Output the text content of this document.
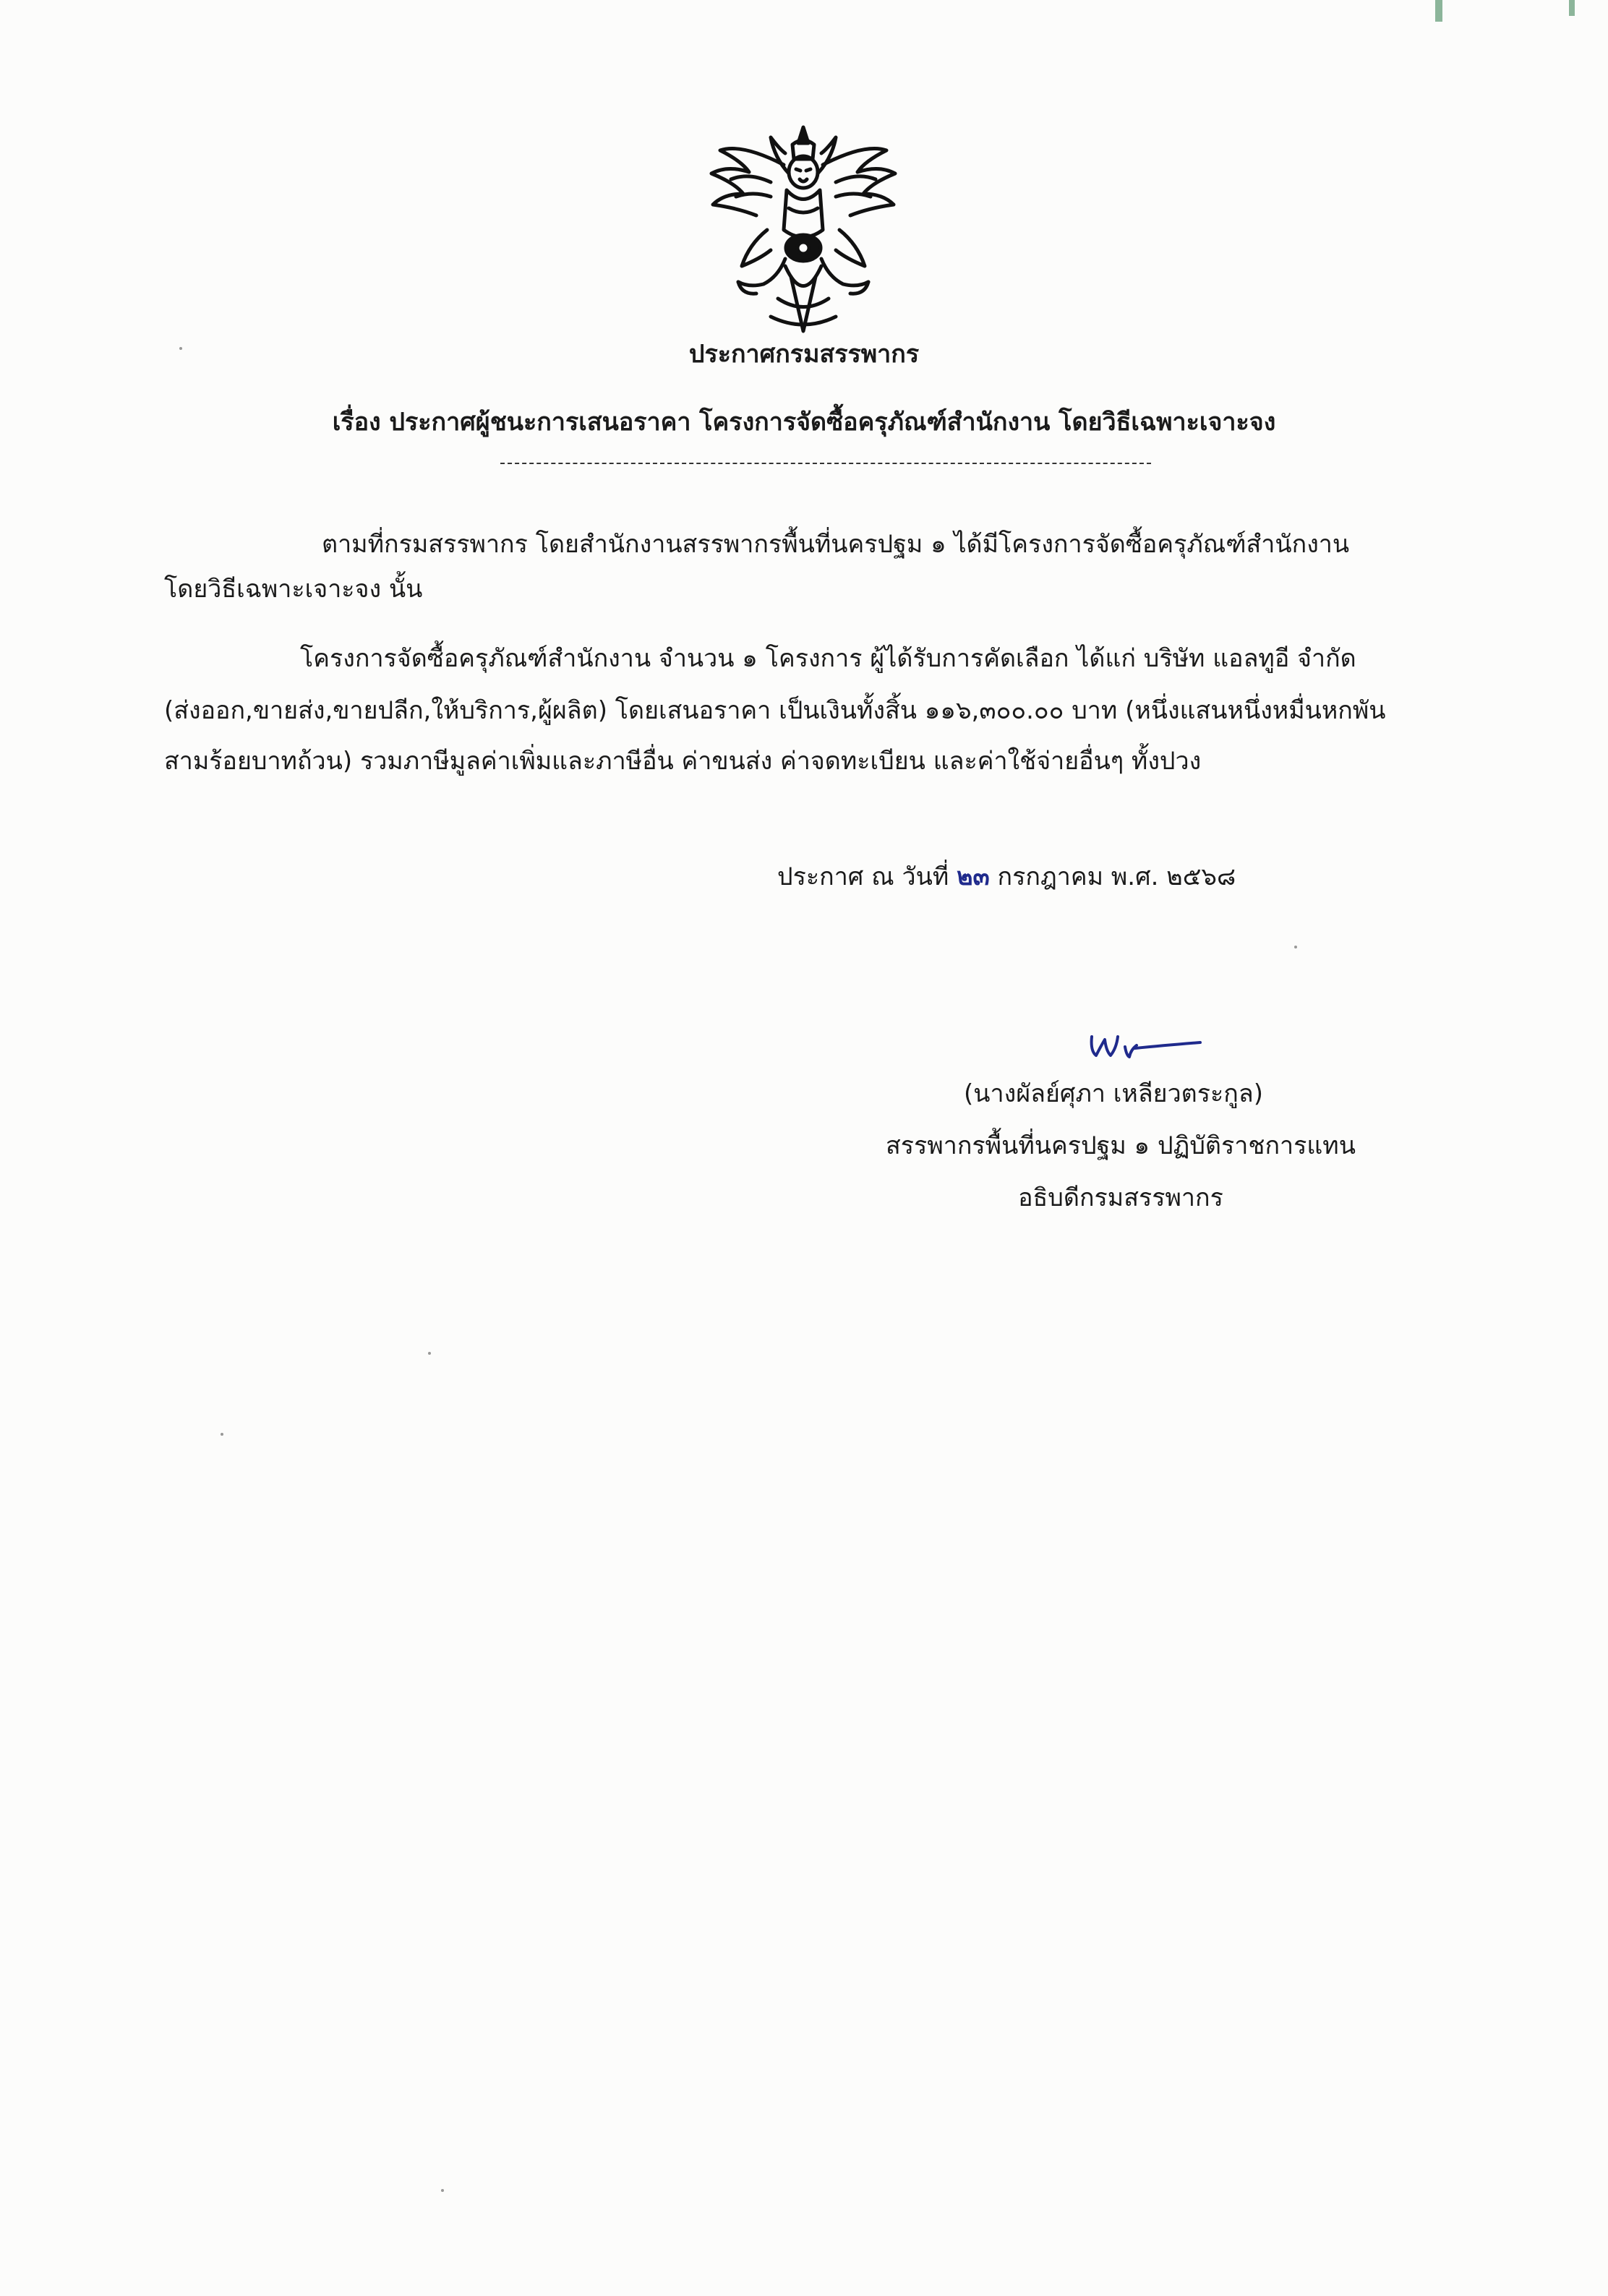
ประกาศกรมสรรพากร
เรื่อง ประกาศผู้ชนะการเสนอราคา โครงการจัดซื้อครุภัณฑ์สำนักงาน โดยวิธีเฉพาะเจาะจง
ตามที่กรมสรรพากร โดยสำนักงานสรรพากรพื้นที่นครปฐม ๑ ได้มีโครงการจัดซื้อครุภัณฑ์สำนักงาน
โดยวิธีเฉพาะเจาะจง นั้น
โครงการจัดซื้อครุภัณฑ์สำนักงาน จำนวน ๑ โครงการ ผู้ได้รับการคัดเลือก ได้แก่ บริษัท แอลทูอี จำกัด
(ส่งออก,ขายส่ง,ขายปลีก,ให้บริการ,ผู้ผลิต) โดยเสนอราคา เป็นเงินทั้งสิ้น ๑๑๖,๓๐๐.๐๐ บาท (หนึ่งแสนหนึ่งหมื่นหกพัน
สามร้อยบาทถ้วน) รวมภาษีมูลค่าเพิ่มและภาษีอื่น ค่าขนส่ง ค่าจดทะเบียน และค่าใช้จ่ายอื่นๆ ทั้งปวง
ประกาศ ณ วันที่ ๒๓ กรกฎาคม พ.ศ. ๒๕๖๘
(นางผัลย์ศุภา เหลียวตระกูล)
สรรพากรพื้นที่นครปฐม ๑ ปฏิบัติราชการแทน
อธิบดีกรมสรรพากร
